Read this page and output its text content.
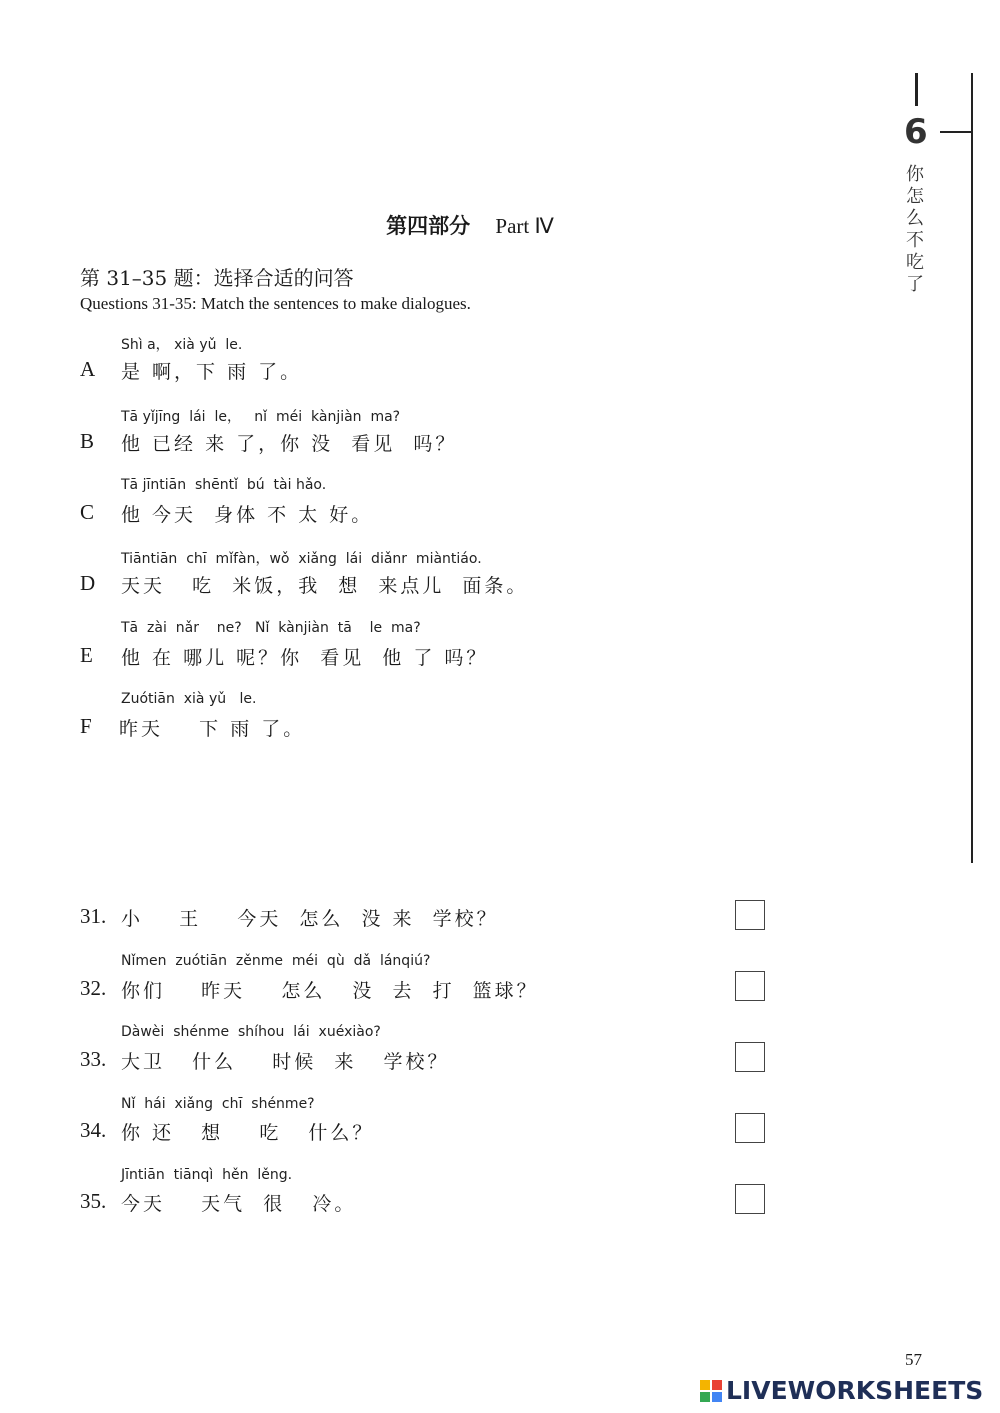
第四部分 Part Ⅳ
第 31–35 题：选择合适的问答
Questions 31-35: Match the sentences to make dialogues.
Shì a， xià yǔ  le.
A 是 啊，下 雨 了。
Tā yǐjīng  lái  le，   nǐ  méi  kànjiàn  ma?
B 他 已经 来 了，你 没  看见  吗？
Tā jīntiān  shēntǐ  bú  tài hǎo.
C 他 今天  身体 不 太 好。
Tiāntiān  chī  mǐfàn，wǒ  xiǎng  lái  diǎnr  miàntiáo.
D 天天   吃  米饭，我  想  来点儿  面条。
Tā  zài  nǎr    ne?   Nǐ  kànjiàn  tā    le  ma?
E 他 在 哪儿 呢？你  看见  他 了 吗？
Zuótiān  xià yǔ   le.
F 昨天    下 雨 了。
31. 小    王    今天  怎么  没 来  学校？
Nǐmen  zuótiān  zěnme  méi  qù  dǎ  lánqiú?
32. 你们    昨天    怎么   没  去  打  篮球？
Dàwèi  shénme  shíhou  lái  xuéxiào?
33. 大卫   什么    时候  来   学校？
Nǐ  hái  xiǎng  chī  shénme?
34. 你 还   想    吃   什么？
Jīntiān  tiānqì  hěn  lěng.
35. 今天    天气  很   冷。
6
你怎么不吃了
57
LIVEWORKSHEETS
